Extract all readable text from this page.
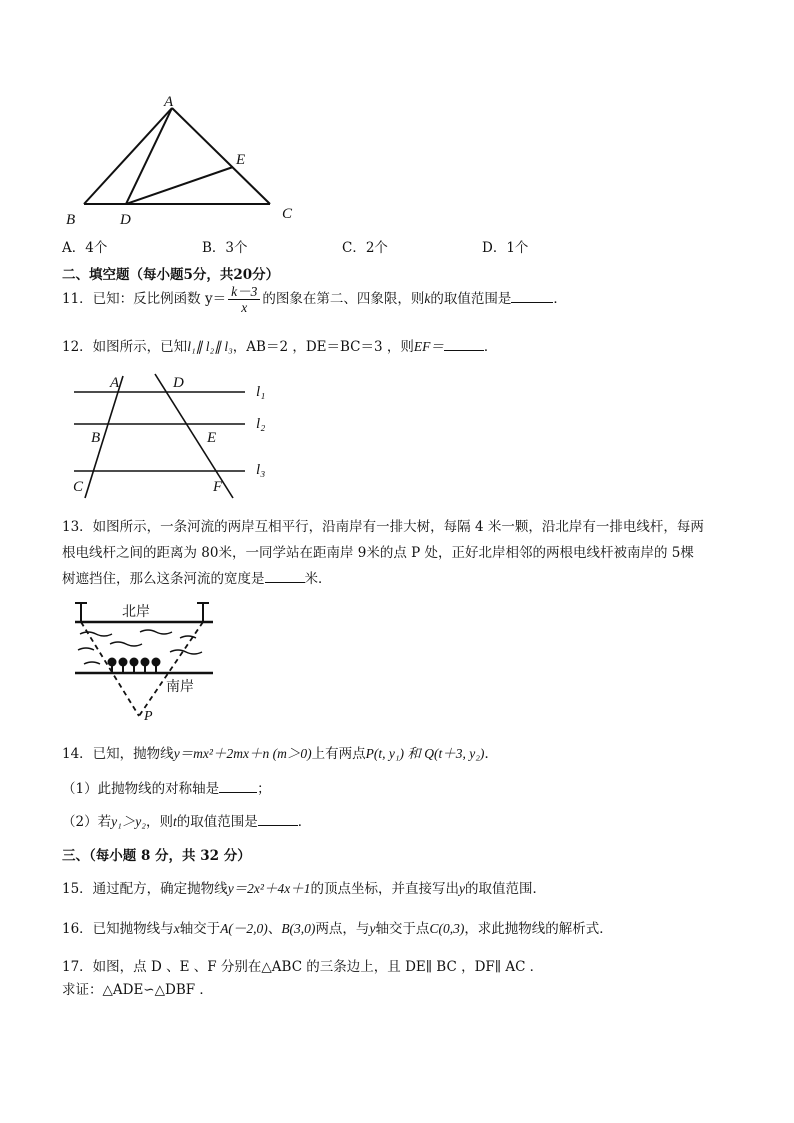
A
E
B	D	C
A．4个	B．3个	C．2个	D．1个
二、填空题（每小题5分，共20分）
11．已知：反比例函数 $y= \frac{k-3}{x}$ 的图象在第二、四象限，则k的取值范围是	．
12．如图所示，已知l₁∥ l₂∥ l₃，AB＝2 ，DE＝BC＝3 ，则EF＝	．
A	D
l₁
B	E
l₂
l₃
C	F
13．如图所示，一条河流的两岸互相平行，沿南岸有一排大树，每隔 4 米一颗，沿北岸有一排电线杆，每两
根电线杆之间的距离为 80米，一同学站在距南岸 9米的点 P 处，正好北岸相邻的两根电线杆被南岸的 5棵
树遮挡住，那么这条河流的宽度是	米．
北岸
南岸
P
14．已知，抛物线y＝mx²＋2mx＋n (m＞0)上有两点P(t, y₁) 和 Q(t＋3, y₂)．
（1）此抛物线的对称轴是	；
（2）若y₁＞y₂，则t的取值范围是	．
三、（每小题 8 分，共 32 分）
15．通过配方，确定抛物线y＝2x²＋4x＋1的顶点坐标，并直接写出y的取值范围．
16．已知抛物线与x轴交于A(－2,0)、B(3,0)两点，与y轴交于点C(0,3)，求此抛物线的解析式．
17．如图，点 D 、E 、F 分别在△ABC 的三条边上，且 DE∥ BC ，DF∥ AC ．
求证：△ADE∽△DBF ．
